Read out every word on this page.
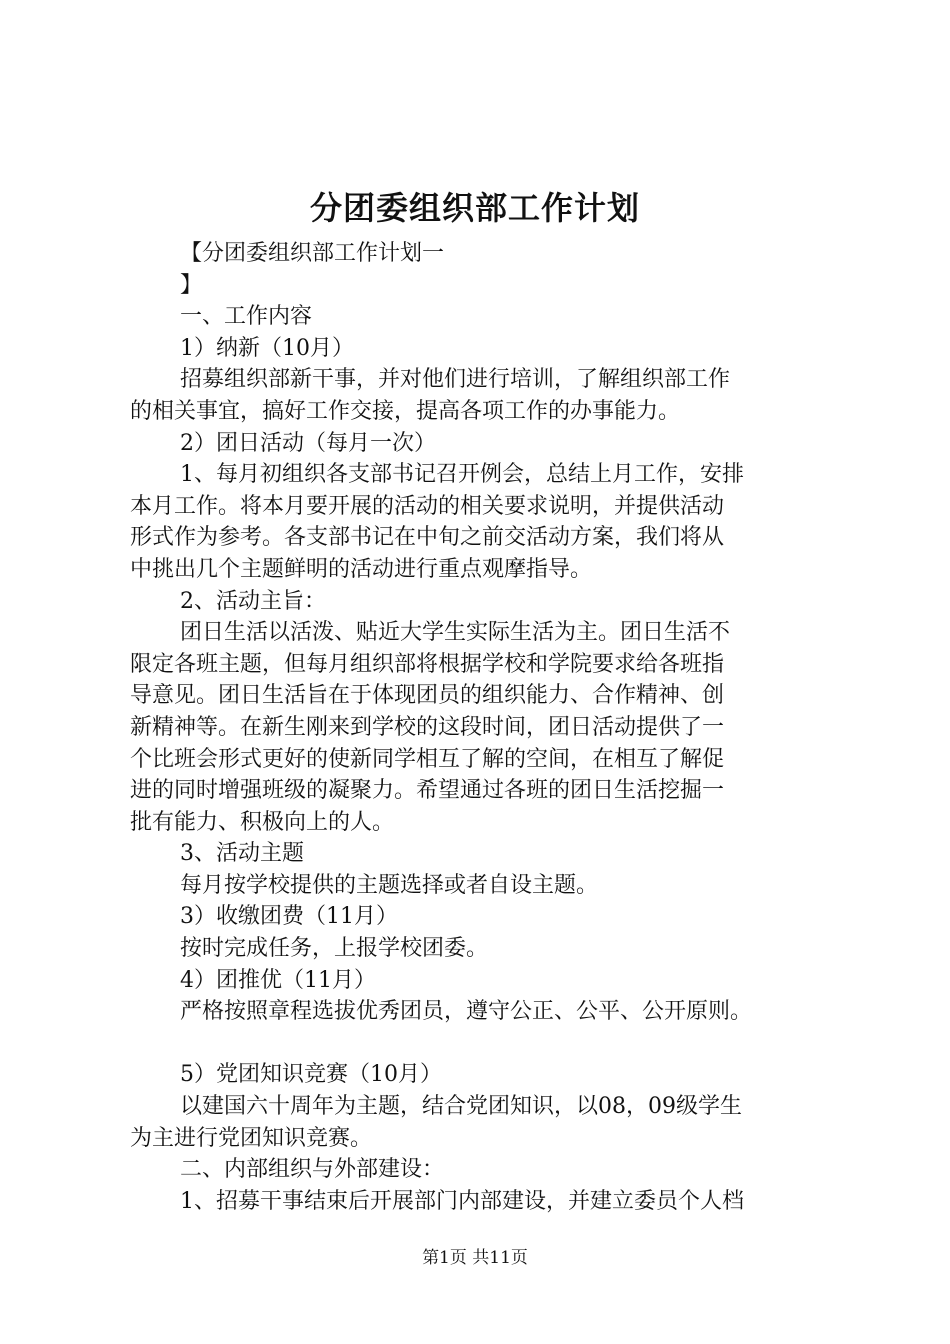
分团委组织部工作计划
【分团委组织部工作计划一
】
一、工作内容
1）纳新（10月）
招募组织部新干事，并对他们进行培训，了解组织部工作
的相关事宜，搞好工作交接，提高各项工作的办事能力。
2）团日活动（每月一次）
1、每月初组织各支部书记召开例会，总结上月工作，安排
本月工作。将本月要开展的活动的相关要求说明，并提供活动
形式作为参考。各支部书记在中旬之前交活动方案，我们将从
中挑出几个主题鲜明的活动进行重点观摩指导。
2、活动主旨：
团日生活以活泼、贴近大学生实际生活为主。团日生活不
限定各班主题，但每月组织部将根据学校和学院要求给各班指
导意见。团日生活旨在于体现团员的组织能力、合作精神、创
新精神等。在新生刚来到学校的这段时间，团日活动提供了一
个比班会形式更好的使新同学相互了解的空间，在相互了解促
进的同时增强班级的凝聚力。希望通过各班的团日生活挖掘一
批有能力、积极向上的人。
3、活动主题
每月按学校提供的主题选择或者自设主题。
3）收缴团费（11月）
按时完成任务，上报学校团委。
4）团推优（11月）
严格按照章程选拔优秀团员，遵守公正、公平、公开原则。
5）党团知识竞赛（10月）
以建国六十周年为主题，结合党团知识，以08，09级学生
为主进行党团知识竞赛。
二、内部组织与外部建设：
1、招募干事结束后开展部门内部建设，并建立委员个人档
第1页 共11页
